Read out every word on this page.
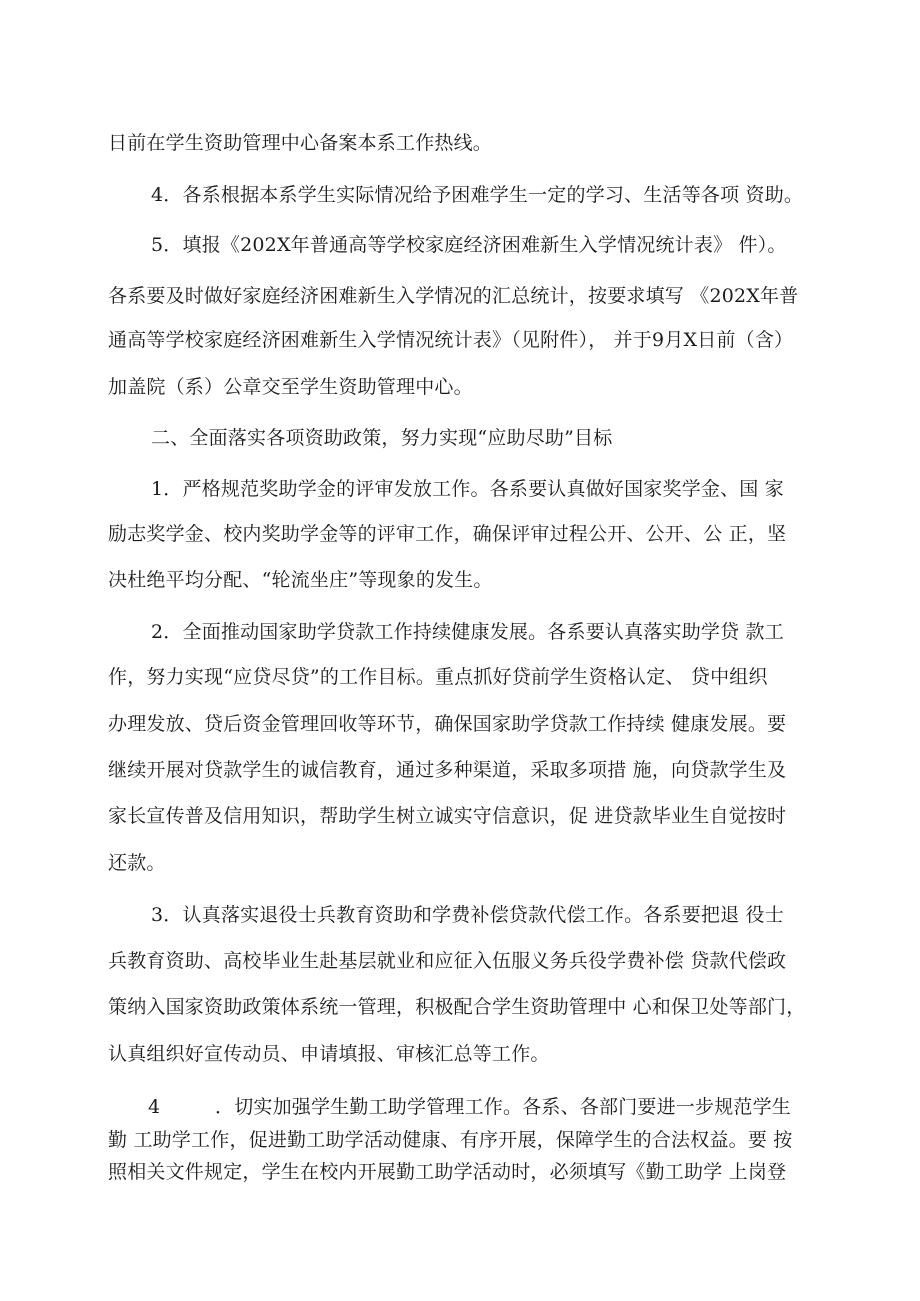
日前在学生资助管理中心备案本系工作热线。
4．各系根据本系学生实际情况给予困难学生一定的学习、生活等各项 资助。
5．填报《202X年普通高等学校家庭经济困难新生入学情况统计表》 件）。
各系要及时做好家庭经济困难新生入学情况的汇总统计，按要求填写 《202X年普
通高等学校家庭经济困难新生入学情况统计表》（见附件）， 并于9月X日前（含）
加盖院（系）公章交至学生资助管理中心。
二、全面落实各项资助政策，努力实现“应助尽助”目标
1．严格规范奖助学金的评审发放工作。各系要认真做好国家奖学金、国 家
励志奖学金、校内奖助学金等的评审工作，确保评审过程公开、公开、公 正，坚
决杜绝平均分配、“轮流坐庄”等现象的发生。
2．全面推动国家助学贷款工作持续健康发展。各系要认真落实助学贷 款工
作，努力实现“应贷尽贷”的工作目标。重点抓好贷前学生资格认定、 贷中组织
办理发放、贷后资金管理回收等环节，确保国家助学贷款工作持续 健康发展。要
继续开展对贷款学生的诚信教育，通过多种渠道，采取多项措 施，向贷款学生及
家长宣传普及信用知识，帮助学生树立诚实守信意识，促 进贷款毕业生自觉按时
还款。
3．认真落实退役士兵教育资助和学费补偿贷款代偿工作。各系要把退 役士
兵教育资助、高校毕业生赴基层就业和应征入伍服义务兵役学费补偿 贷款代偿政
策纳入国家资助政策体系统一管理，积极配合学生资助管理中 心和保卫处等部门，
认真组织好宣传动员、申请填报、审核汇总等工作。
4	．切实加强学生勤工助学管理工作。各系、各部门要进一步规范学生
勤 工助学工作，促进勤工助学活动健康、有序开展，保障学生的合法权益。要 按
照相关文件规定，学生在校内开展勤工助学活动时，必须填写《勤工助学 上岗登
